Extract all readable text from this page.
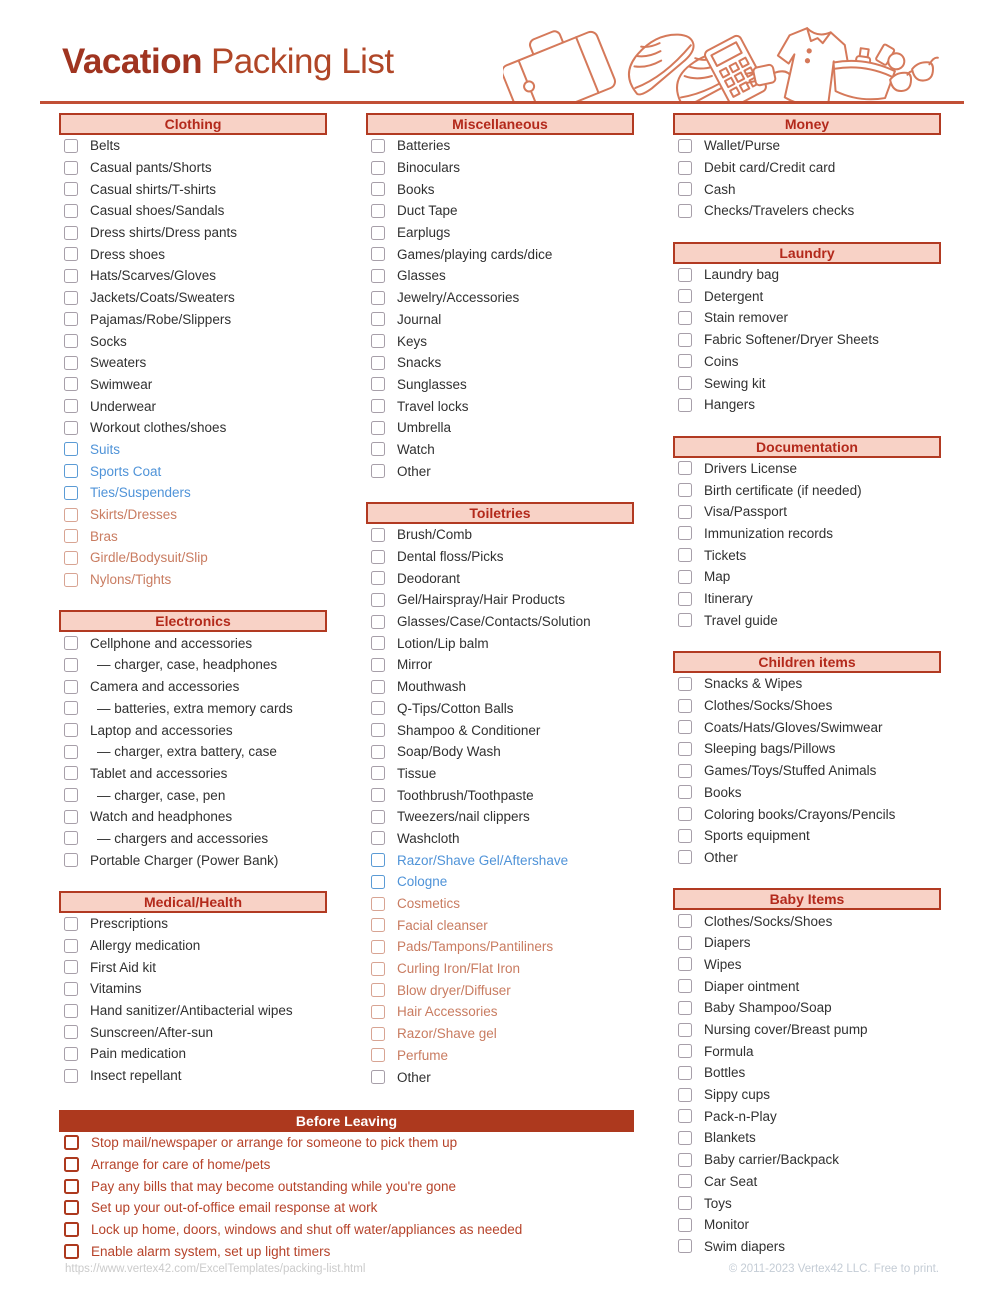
Vacation Packing List
Clothing
Belts
Casual pants/Shorts
Casual shirts/T-shirts
Casual shoes/Sandals
Dress shirts/Dress pants
Dress shoes
Hats/Scarves/Gloves
Jackets/Coats/Sweaters
Pajamas/Robe/Slippers
Socks
Sweaters
Swimwear
Underwear
Workout clothes/shoes
Suits
Sports Coat
Ties/Suspenders
Skirts/Dresses
Bras
Girdle/Bodysuit/Slip
Nylons/Tights
Electronics
Cellphone and accessories
— charger, case, headphones
Camera and accessories
— batteries, extra memory cards
Laptop and accessories
— charger, extra battery, case
Tablet and accessories
— charger, case, pen
Watch and headphones
— chargers and accessories
Portable Charger (Power Bank)
Medical/Health
Prescriptions
Allergy medication
First Aid kit
Vitamins
Hand sanitizer/Antibacterial wipes
Sunscreen/After-sun
Pain medication
Insect repellant
Miscellaneous
Batteries
Binoculars
Books
Duct Tape
Earplugs
Games/playing cards/dice
Glasses
Jewelry/Accessories
Journal
Keys
Snacks
Sunglasses
Travel locks
Umbrella
Watch
Other
Toiletries
Brush/Comb
Dental floss/Picks
Deodorant
Gel/Hairspray/Hair Products
Glasses/Case/Contacts/Solution
Lotion/Lip balm
Mirror
Mouthwash
Q-Tips/Cotton Balls
Shampoo & Conditioner
Soap/Body Wash
Tissue
Toothbrush/Toothpaste
Tweezers/nail clippers
Washcloth
Razor/Shave Gel/Aftershave
Cologne
Cosmetics
Facial cleanser
Pads/Tampons/Pantiliners
Curling Iron/Flat Iron
Blow dryer/Diffuser
Hair Accessories
Razor/Shave gel
Perfume
Other
Money
Wallet/Purse
Debit card/Credit card
Cash
Checks/Travelers checks
Laundry
Laundry bag
Detergent
Stain remover
Fabric Softener/Dryer Sheets
Coins
Sewing kit
Hangers
Documentation
Drivers License
Birth certificate (if needed)
Visa/Passport
Immunization records
Tickets
Map
Itinerary
Travel guide
Children items
Snacks & Wipes
Clothes/Socks/Shoes
Coats/Hats/Gloves/Swimwear
Sleeping bags/Pillows
Games/Toys/Stuffed Animals
Books
Coloring books/Crayons/Pencils
Sports equipment
Other
Baby Items
Clothes/Socks/Shoes
Diapers
Wipes
Diaper ointment
Baby Shampoo/Soap
Nursing cover/Breast pump
Formula
Bottles
Sippy cups
Pack-n-Play
Blankets
Baby carrier/Backpack
Car Seat
Toys
Monitor
Swim diapers
Before Leaving
Stop mail/newspaper or arrange for someone to pick them up
Arrange for care of home/pets
Pay any bills that may become outstanding while you're gone
Set up your out-of-office email response at work
Lock up home, doors, windows and shut off water/appliances as needed
Enable alarm system, set up light timers
https://www.vertex42.com/ExcelTemplates/packing-list.html	© 2011-2023 Vertex42 LLC. Free to print.
